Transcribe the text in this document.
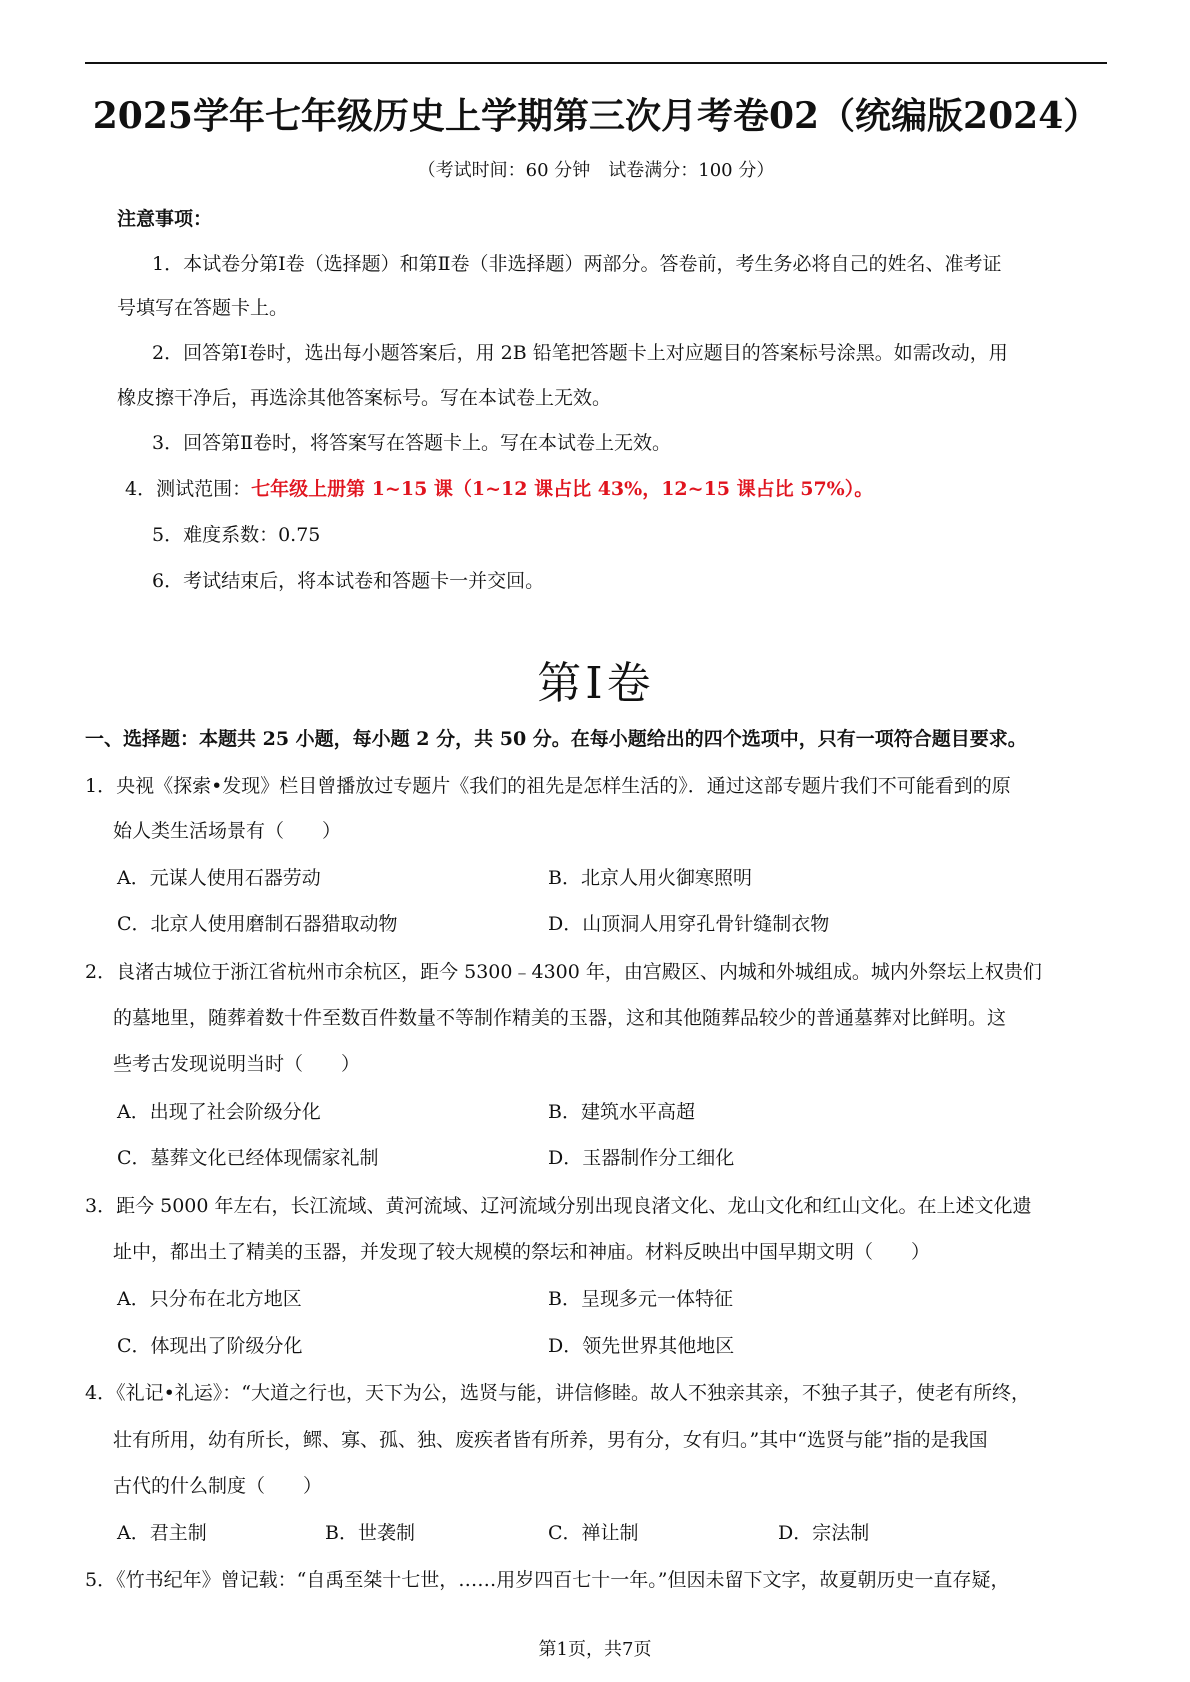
2025学年七年级历史上学期第三次月考卷02（统编版2024）
（考试时间：60 分钟　试卷满分：100 分）
注意事项：
1．本试卷分第Ⅰ卷（选择题）和第Ⅱ卷（非选择题）两部分。答卷前，考生务必将自己的姓名、准考证
号填写在答题卡上。
2．回答第Ⅰ卷时，选出每小题答案后，用 2B 铅笔把答题卡上对应题目的答案标号涂黑。如需改动，用
橡皮擦干净后，再选涂其他答案标号。写在本试卷上无效。
3．回答第Ⅱ卷时，将答案写在答题卡上。写在本试卷上无效。
4．测试范围：七年级上册第 1~15 课（1~12 课占比 43%，12~15 课占比 57%）。
5．难度系数：0.75
6．考试结束后，将本试卷和答题卡一并交回。
第Ⅰ卷
一、选择题：本题共 25 小题，每小题 2 分，共 50 分。在每小题给出的四个选项中，只有一项符合题目要求。
1．央视《探索•发现》栏目曾播放过专题片《我们的祖先是怎样生活的》．通过这部专题片我们不可能看到的原
始人类生活场景有（　　）
A．元谋人使用石器劳动	B．北京人用火御寒照明
C．北京人使用磨制石器猎取动物	D．山顶洞人用穿孔骨针缝制衣物
2．良渚古城位于浙江省杭州市余杭区，距今 5300﹣4300 年，由宫殿区、内城和外城组成。城内外祭坛上权贵们
的墓地里，随葬着数十件至数百件数量不等制作精美的玉器，这和其他随葬品较少的普通墓葬对比鲜明。这
些考古发现说明当时（　　）
A．出现了社会阶级分化	B．建筑水平高超
C．墓葬文化已经体现儒家礼制	D．玉器制作分工细化
3．距今 5000 年左右，长江流域、黄河流域、辽河流域分别出现良渚文化、龙山文化和红山文化。在上述文化遗
址中，都出土了精美的玉器，并发现了较大规模的祭坛和神庙。材料反映出中国早期文明（　　）
A．只分布在北方地区	B．呈现多元一体特征
C．体现出了阶级分化	D．领先世界其他地区
4．《礼记•礼运》：“大道之行也，天下为公，选贤与能，讲信修睦。故人不独亲其亲，不独子其子，使老有所终，
壮有所用，幼有所长，鳏、寡、孤、独、废疾者皆有所养，男有分，女有归。”其中“选贤与能”指的是我国
古代的什么制度（　　）
A．君主制	B．世袭制	C．禅让制	D．宗法制
5．《竹书纪年》曾记载：“自禹至桀十七世，……用岁四百七十一年。”但因未留下文字，故夏朝历史一直存疑，
第1页，共7页
